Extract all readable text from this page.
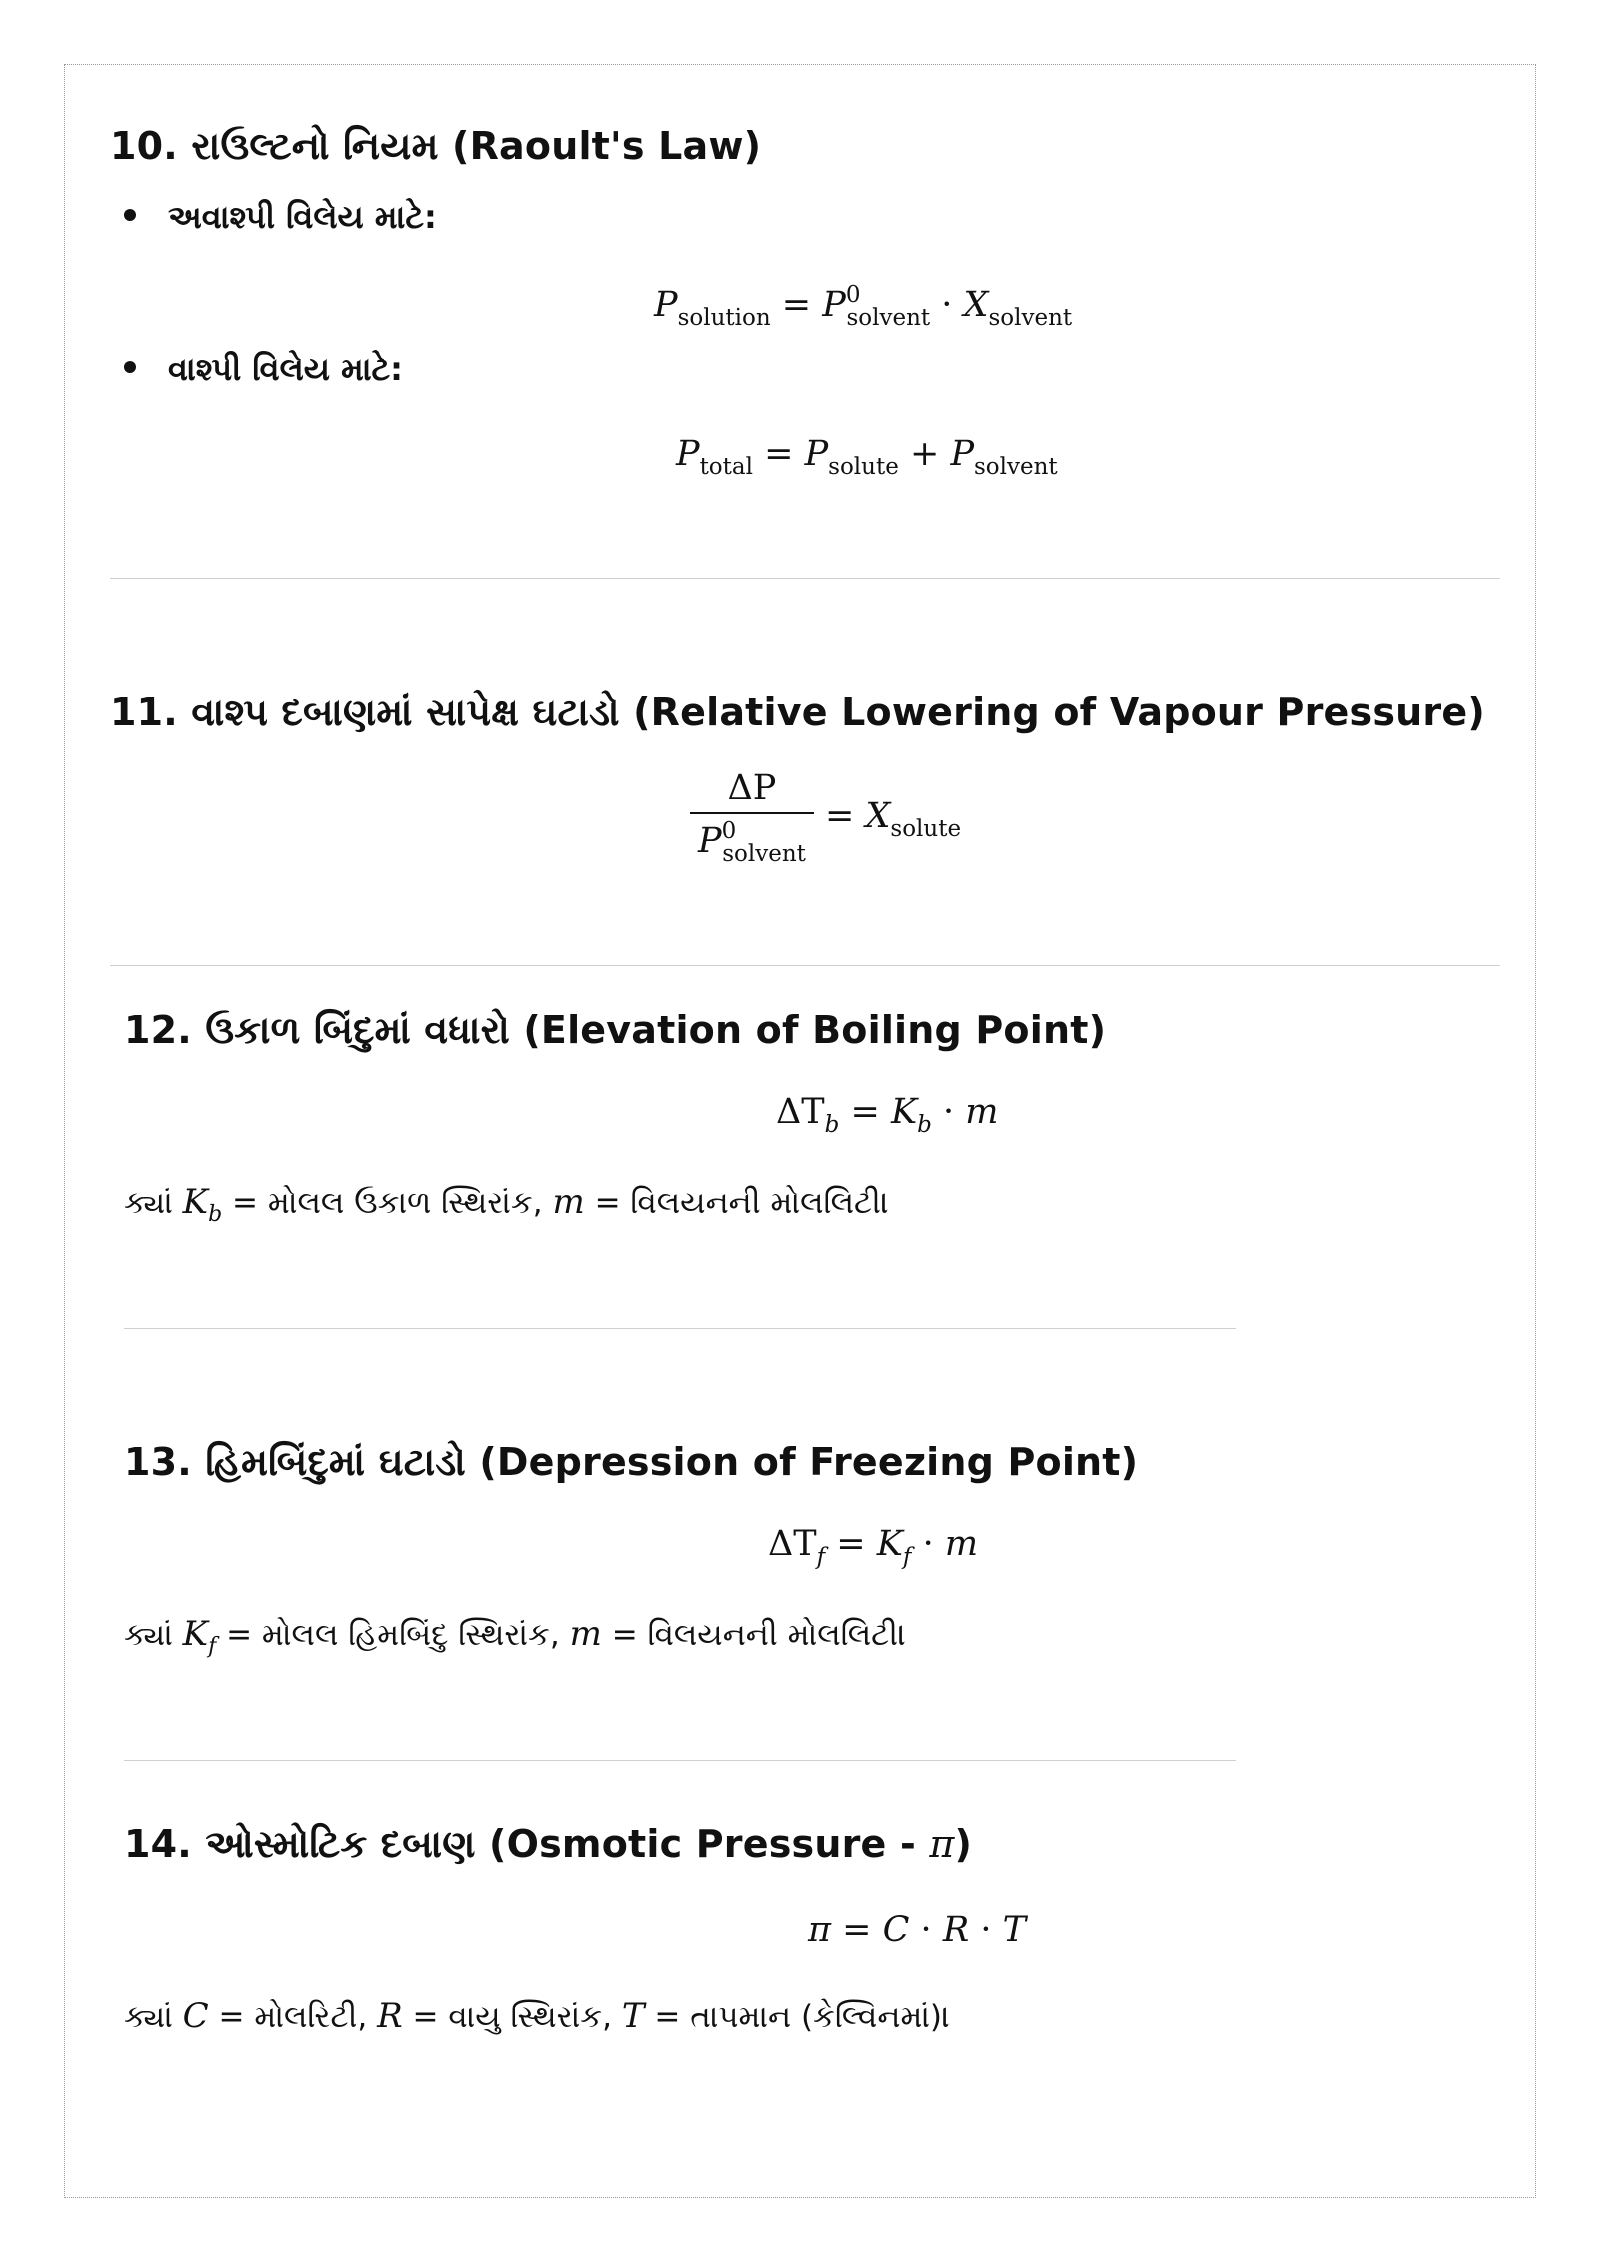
10. રાઉલ્ટનો નિયમ (Raoult's Law)
અવાશ્પી વિલેય માટે:
$P_{solution} = P^0_{solvent} \cdot X_{solvent}$
વાશ્પી વિલેય માટે:
$P_{total} = P_{solute} + P_{solvent}$
11. વાશ્પ દબાણમાં સાપેક્ષ ઘટાડો (Relative Lowering of Vapour Pressure)
$\frac{\Delta P}{P^0_{solvent}} = X_{solute}$
12. ઉકાળ બિંદુમાં વધારો (Elevation of Boiling Point)
$\Delta T_b = K_b \cdot m$
ક્યાં $K_b$ = મોલલ ઉકાળ સ્થિરાંક, m = વિલયનની મોલલિટી।
13. હિમબિંદુમાં ઘટાડો (Depression of Freezing Point)
$\Delta T_f = K_f \cdot m$
ક્યાં $K_f$ = મોલલ હિમબિંદુ સ્થિરાંક, m = વિલયનની મોલલિટી।
14. ઓસ્મોટિક દબાણ (Osmotic Pressure - π)
π = C · R · T
ક્યાં C = મોલરિટી, R = વાયુ સ્થિરાંક, T = તાપમાન (કેલ્વિનમાં)।
